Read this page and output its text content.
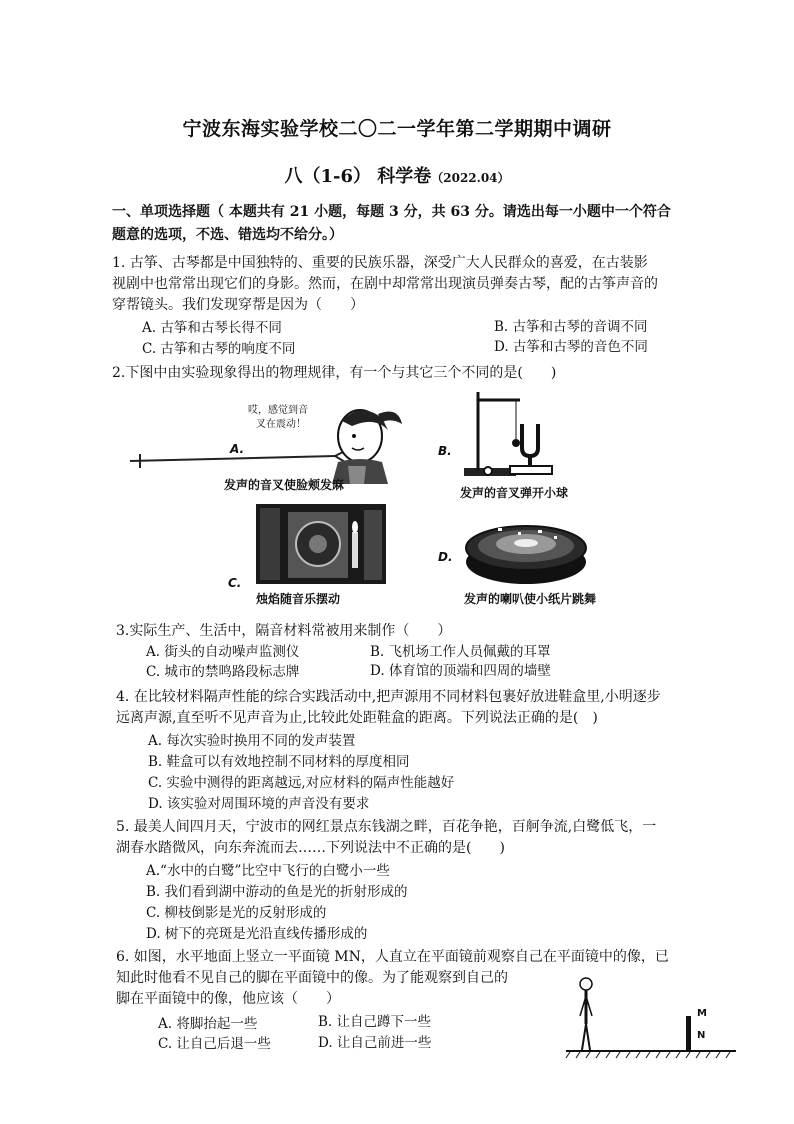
宁波东海实验学校二〇二一学年第二学期期中调研
八（1-6） 科学卷（2022.04）
一、单项选择题（ 本题共有 21 小题，每题 3 分，共 63 分。请选出每一小题中一个符合
题意的选项，不选、错选均不给分。）
1. 古筝、古琴都是中国独特的、重要的民族乐器，深受广大人民群众的喜爱，在古装影
视剧中也常常出现它们的身影。然而，在剧中却常常出现演员弹奏古琴，配的古筝声音的
穿帮镜头。我们发现穿帮是因为（　　）
A. 古筝和古琴长得不同	B. 古筝和古琴的音调不同
C. 古筝和古琴的响度不同	D. 古筝和古琴的音色不同
2.下图中由实验现象得出的物理规律，有一个与其它三个不同的是(　　)
A.
哎，感觉到音
叉在震动！
发声的音叉使脸颊发麻
B.
发声的音叉弹开小球
C.
烛焰随音乐摆动
D.
发声的喇叭使小纸片跳舞
3.实际生产、生活中，隔音材料常被用来制作（　　）
A. 街头的自动噪声监测仪	B. 飞机场工作人员佩戴的耳罩
C. 城市的禁鸣路段标志牌	D. 体育馆的顶端和四周的墙壁
4. 在比较材料隔声性能的综合实践活动中,把声源用不同材料包裹好放进鞋盒里,小明逐步
远离声源,直至听不见声音为止,比较此处距鞋盒的距离。下列说法正确的是(　)
A. 每次实验时换用不同的发声装置
B. 鞋盒可以有效地控制不同材料的厚度相同
C. 实验中测得的距离越远,对应材料的隔声性能越好
D. 该实验对周围环境的声音没有要求
5. 最美人间四月天，宁波市的网红景点东钱湖之畔，百花争艳，百舸争流,白鹭低飞，一
湖春水踏微风，向东奔流而去……下列说法中不正确的是(　　)
A.“水中的白鹭”比空中飞行的白鹭小一些
B. 我们看到湖中游动的鱼是光的折射形成的
C. 柳枝倒影是光的反射形成的
D. 树下的亮斑是光沿直线传播形成的
6. 如图，水平地面上竖立一平面镜 MN，人直立在平面镜前观察自己在平面镜中的像，已
知此时他看不见自己的脚在平面镜中的像。为了能观察到自己的
脚在平面镜中的像，他应该（　　）
A. 将脚抬起一些	B. 让自己蹲下一些
C. 让自己后退一些	D. 让自己前进一些
M
N
